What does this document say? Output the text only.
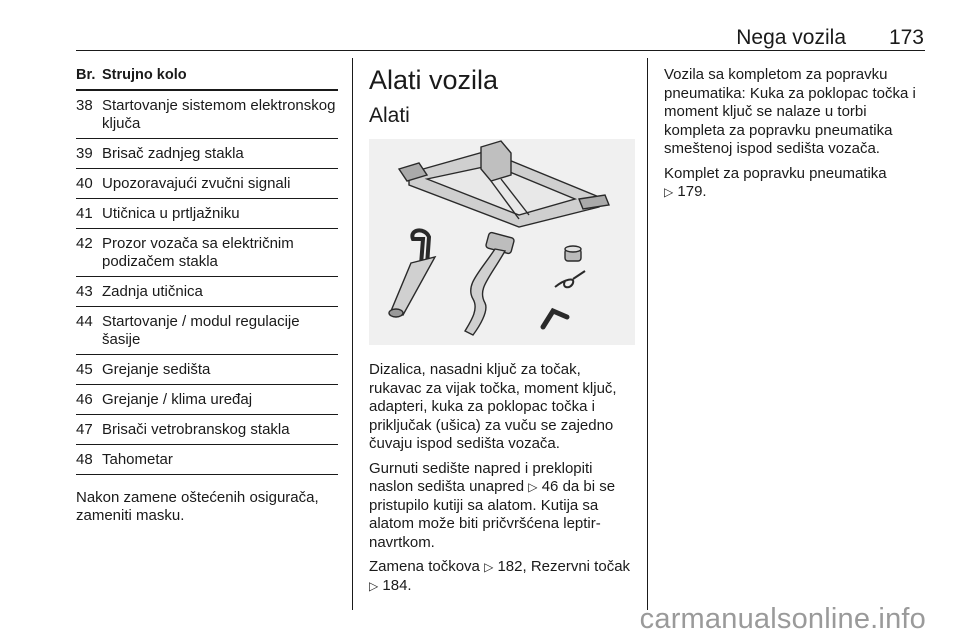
Nega vozila 173
Br. Strujno kolo
38 Startovanje sistemom elektronskog ključa
39 Brisač zadnjeg stakla
40 Upozoravajući zvučni signali
41 Utičnica u prtljažniku
42 Prozor vozača sa električnim podizačem stakla
43 Zadnja utičnica
44 Startovanje / modul regulacije šasije
45 Grejanje sedišta
46 Grejanje / klima uređaj
47 Brisači vetrobranskog stakla
48 Tahometar
Nakon zamene oštećenih osigurača, zameniti masku.
Alati vozila
Alati

Dizalica, nasadni ključ za točak, rukavac za vijak točka, moment ključ, adapteri, kuka za poklopac točka i priključak (ušica) za vuču se zajedno čuvaju ispod sedišta vozača.

Gurnuti sedište napred i preklopiti naslon sedišta unapred ▷ 46 da bi se pristupilo kutiji sa alatom. Kutija sa alatom može biti pričvršćena leptir-navrtkom.

Zamena točkova ▷ 182, Rezervni točak ▷ 184.

Vozila sa kompletom za popravku pneumatika: Kuka za poklopac točka i moment ključ se nalaze u torbi kompleta za popravku pneumatika smeštenoj ispod sedišta vozača.

Komplet za popravku pneumatika
▷ 179.

carmanualsonline.info
